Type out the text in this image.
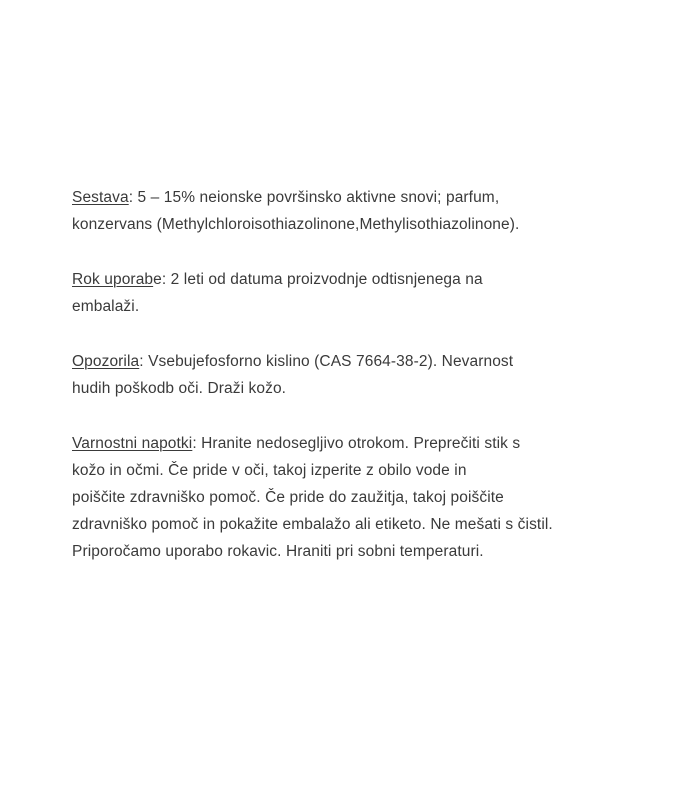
Sestava: 5 – 15% neionske površinsko aktivne snovi; parfum,
konzervans (Methylchloroisothiazolinone,Methylisothiazolinone).
Rok uporabe: 2 leti od datuma proizvodnje odtisnjenega na
embalaži.
Opozorila: Vsebujefosforno kislino (CAS 7664-38-2). Nevarnost
hudih poškodb oči. Draži kožo.
Varnostni napotki: Hranite nedosegljivo otrokom. Preprečiti stik s
kožo in očmi. Če pride v oči, takoj izperite z obilo vode in
poiščite zdravniško pomoč. Če pride do zaužitja, takoj poiščite
zdravniško pomoč in pokažite embalažo ali etiketo. Ne mešati s čistil.
Priporočamo uporabo rokavic. Hraniti pri sobni temperaturi.
